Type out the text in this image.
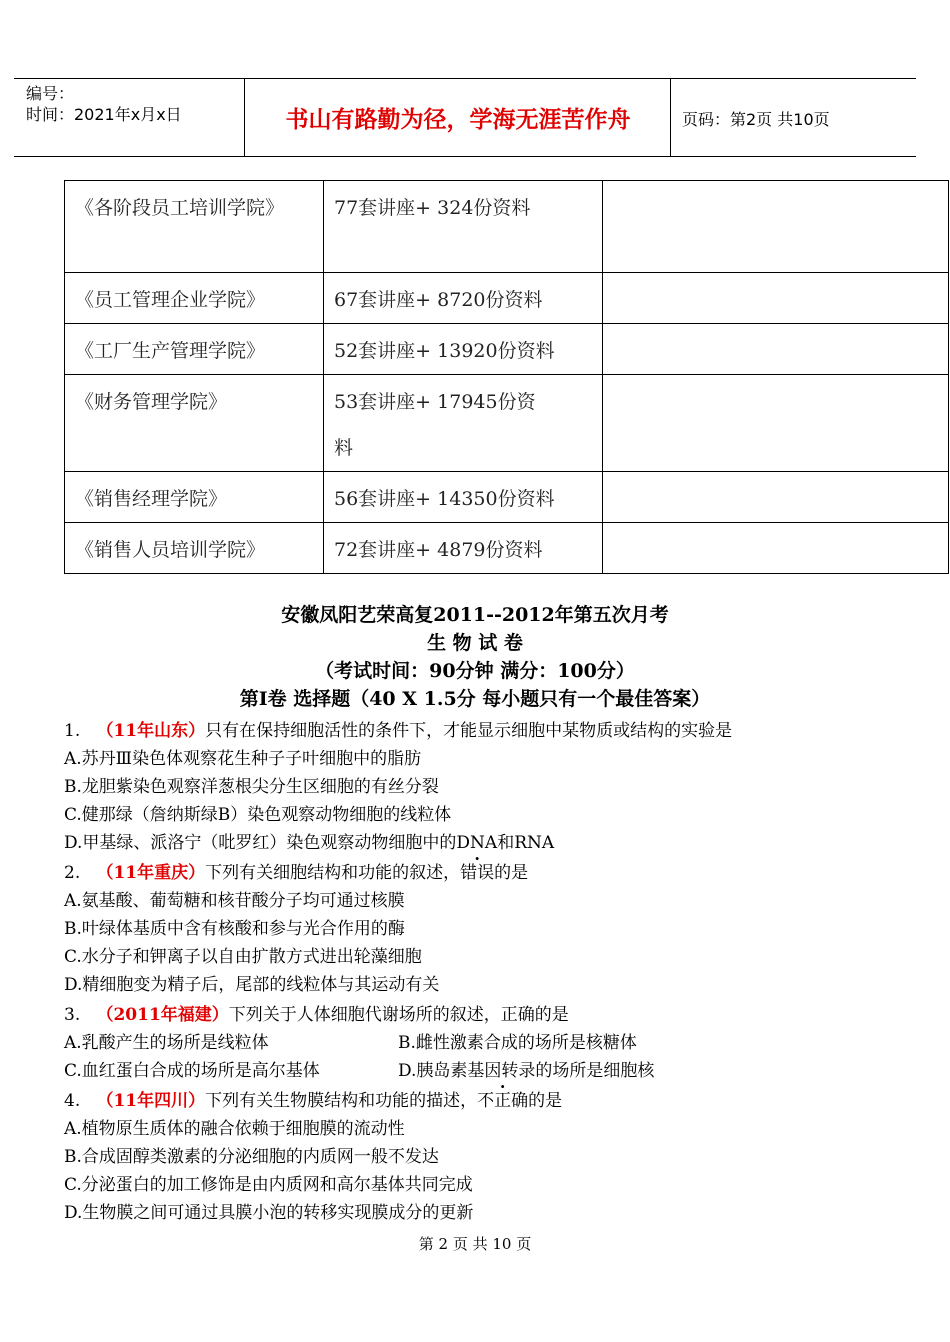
编号：
时间：2021年x月x日	书山有路勤为径，学海无涯苦作舟	页码：第2页 共10页
《各阶段员工培训学院》	77套讲座+ 324份资料	
《员工管理企业学院》	67套讲座+ 8720份资料	
《工厂生产管理学院》	52套讲座+ 13920份资料	
《财务管理学院》	53套讲座+ 17945份资料	
《销售经理学院》	56套讲座+ 14350份资料	
《销售人员培训学院》	72套讲座+ 4879份资料	
安徽凤阳艺荣高复2011--2012年第五次月考
生 物 试 卷
（考试时间：90分钟 满分：100分）
第Ⅰ卷 选择题（40 X 1.5分 每小题只有一个最佳答案）
1. （11年山东）只有在保持细胞活性的条件下，才能显示细胞中某物质或结构的实验是
A.苏丹Ⅲ染色体观察花生种子子叶细胞中的脂肪
B.龙胆紫染色观察洋葱根尖分生区细胞的有丝分裂
C.健那绿（詹纳斯绿B）染色观察动物细胞的线粒体
D.甲基绿、派洛宁（吡罗红）染色观察动物细胞中的DNA和RNA
2. （11年重庆）下列有关细胞结构和功能的叙述，错误的是
A.氨基酸、葡萄糖和核苷酸分子均可通过核膜
B.叶绿体基质中含有核酸和参与光合作用的酶
C.水分子和钾离子以自由扩散方式进出轮藻细胞
D.精细胞变为精子后，尾部的线粒体与其运动有关
3. （2011年福建）下列关于人体细胞代谢场所的叙述，正确的是
A.乳酸产生的场所是线粒体	B.雌性激素合成的场所是核糖体
C.血红蛋白合成的场所是高尔基体	D.胰岛素基因转录的场所是细胞核
4. （11年四川）下列有关生物膜结构和功能的描述，不正确的是
A.植物原生质体的融合依赖于细胞膜的流动性
B.合成固醇类激素的分泌细胞的内质网一般不发达
C.分泌蛋白的加工修饰是由内质网和高尔基体共同完成
D.生物膜之间可通过具膜小泡的转移实现膜成分的更新
第 2 页 共 10 页
